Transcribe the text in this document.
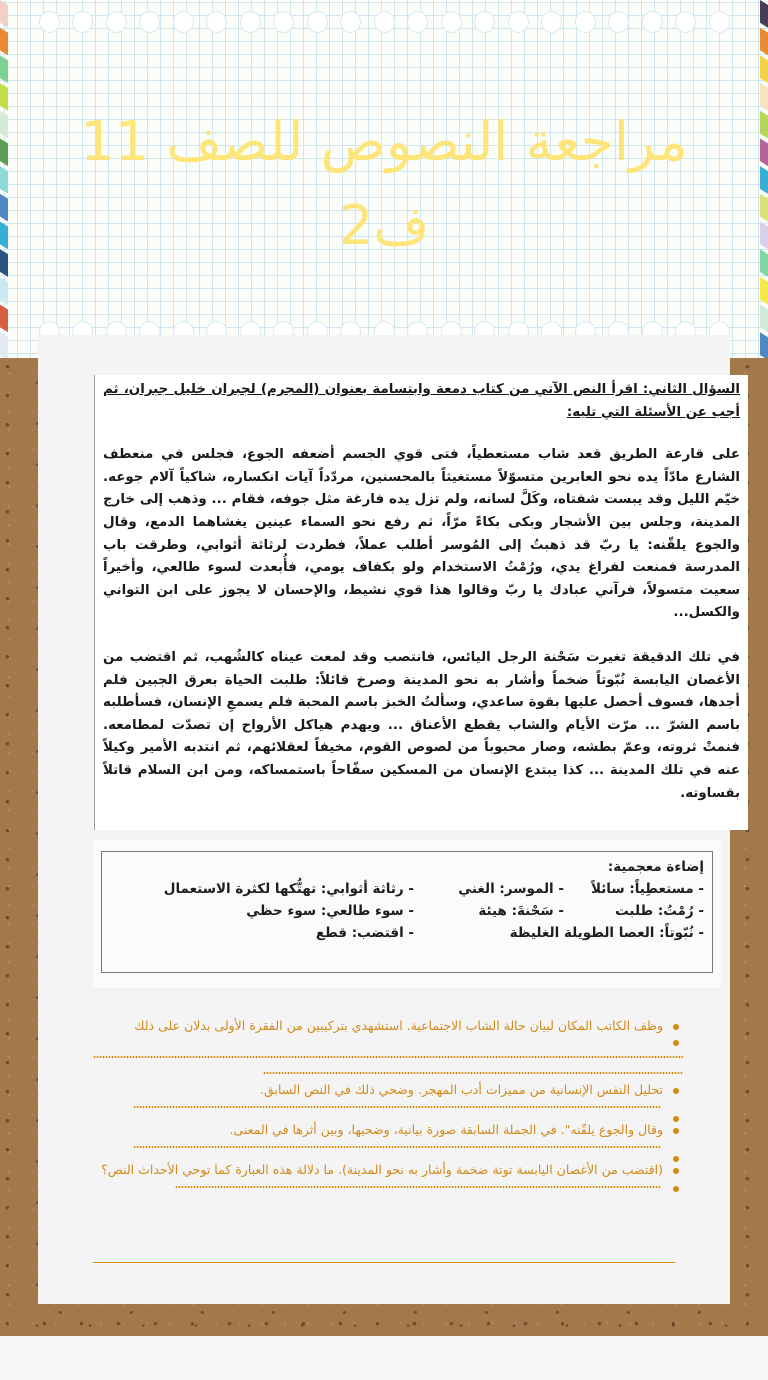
مراجعة النصوص للصف 11
ف2

السؤال الثاني: اقرأ النص الآتي من كتاب دمعة وابتسامة بعنوان (المجرم) لجبران خليل جبران، ثم أجب عن الأسئلة التي تليه:

على قارعة الطريق قعد شاب مستعطياً، فتى قوي الجسم أضعفه الجوع، فجلس في منعطف الشارع مادّاً يده نحو العابرين متسوّلاً مستغيثاً بالمحسنين، مردّداً آيات انكساره، شاكياً آلام جوعه. خيّم الليل وقد يبست شفتاه، وكَلَّ لسانه، ولم تزل يده فارغة مثل جوفه، فقام ... وذهب إلى خارج المدينة، وجلس بين الأشجار وبكى بكاءً مرّاً، ثم رفع نحو السماء عينين يغشاهما الدمع، وقال والجوع يلقّنه: يا ربّ قد ذهبتُ إلى المُوسر أطلب عملاً، فطردت لرثاثة أثوابي، وطرقت باب المدرسة فمنعت لفراغ يدي، ورُمْتُ الاستخدام ولو بكفاف يومي، فأُبعدت لسوء طالعي، وأخيراً سعيت متسولاً، فرآني عبادك يا ربّ وقالوا هذا قوي نشيط، والإحسان لا يجوز على ابن التواني والكسل...

في تلك الدقيقة تغيرت سَحْنة الرجل اليائس، فانتصب وقد لمعت عيناه كالشُهب، ثم اقتضب من الأغصان اليابسة نُبّوتاً ضخماً وأشار به نحو المدينة وصرخ قائلاً: طلبت الحياة بعرق الجبين فلم أجدها، فسوف أحصل عليها بقوة ساعدي، وسألتُ الخبز باسم المحبة فلم يسمعِ الإنسان، فسأطلبه باسم الشرّ ... مرّت الأيام والشاب يقطع الأعناق ... ويهدم هياكل الأرواح إن تصدّت لمطامعه. فنمتْ ثروته، وعمّ بطشه، وصار محبوباً من لصوص القوم، مخيفاً لعقلائهم، ثم انتدبه الأمير وكيلاً عنه في تلك المدينة ... كذا يبتدع الإنسان من المسكين سفّاحاً باستمساكه، ومن ابن السلام قاتلاً بقساوته.

إضاءة معجمية:
- مستعطِياً: سائلاً
- الموسر: الغني
- رثاثة أثوابي: تهتُّكها لكثرة الاستعمال
- رُمْتُ: طلبت
- سَحْنةَ: هيئة
- سوء طالعي: سوء حظي
- نُبّوتاً: العصا الطويلة الغليظة
- اقتضب: قطع
وظف الكاتب المكان لبيان حالة الشاب الاجتماعية. استشهدي بتركيبين من الفقرة الأولى بدلان على ذلك
تحليل النفس الإنسانية من مميزات أدب المهجر. وضحي ذلك في النص السابق.
وقال والجوع يلقّنه". في الجملة السابقة صورة بيانية، وضحيها، وبين أثرها في المعنى.
(اقتضب من الأغصان اليابسة توتة ضخمة وأشار به نحو المدينة). ما دلالة هذه العبارة كما توحي الأحداث النص؟
